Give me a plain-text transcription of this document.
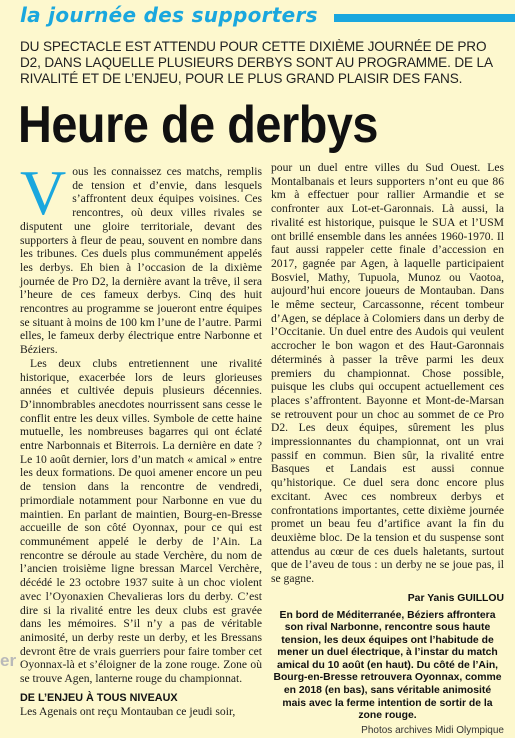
la journée des supporters
DU SPECTACLE EST ATTENDU POUR CETTE DIXIÈME JOURNÉE DE PRO D2, DANS LAQUELLE PLUSIEURS DERBYS SONT AU PROGRAMME. DE LA RIVALITÉ ET DE L’ENJEU, POUR LE PLUS GRAND PLAISIR DES FANS.
Heure de derbys

Vous les connaissez ces matchs, remplis de tension et d’envie, dans lesquels s’affrontent deux équipes voisines. Ces rencontres, où deux villes rivales se disputent une gloire territoriale, devant des supporters à fleur de peau, souvent en nombre dans les tribunes. Ces duels plus communément appelés les derbys. Eh bien à l’occasion de la dixième journée de Pro D2, la dernière avant la trêve, il sera l’heure de ces fameux derbys. Cinq des huit rencontres au programme se joueront entre équipes se situant à moins de 100 km l’une de l’autre. Parmi elles, le fameux derby électrique entre Narbonne et Béziers.

Les deux clubs entretiennent une rivalité historique, exacerbée lors de leurs glorieuses années et cultivée depuis plusieurs décennies. D’innombrables anecdotes nourrissent sans cesse le conflit entre les deux villes. Symbole de cette haine mutuelle, les nombreuses bagarres qui ont éclaté entre Narbonnais et Biterrois. La dernière en date ? Le 10 août dernier, lors d’un match « amical » entre les deux formations. De quoi amener encore un peu de tension dans la rencontre de vendredi, primordiale notamment pour Narbonne en vue du maintien. En parlant de maintien, Bourg-en-Bresse accueille de son côté Oyonnax, pour ce qui est communément appelé le derby de l’Ain. La rencontre se déroule au stade Verchère, du nom de l’ancien troisième ligne bressan Marcel Verchère, décédé le 23 octobre 1937 suite à un choc violent avec l’Oyonaxien Chevalieras lors du derby. C’est dire si la rivalité entre les deux clubs est gravée dans les mémoires. S’il n’y a pas de véritable animosité, un derby reste un derby, et les Bressans devront être de vrais guerriers pour faire tomber cet Oyonnax-là et s’éloigner de la zone rouge. Zone où se trouve Agen, lanterne rouge du championnat.

DE L’ENJEU À TOUS NIVEAUX

Les Agenais ont reçu Montauban ce jeudi soir,

pour un duel entre villes du Sud Ouest. Les Montalbanais et leurs supporters n’ont eu que 86 km à effectuer pour rallier Armandie et se confronter aux Lot-et-Garonnais. Là aussi, la rivalité est historique, puisque le SUA et l’USM ont brillé ensemble dans les années 1960-1970. Il faut aussi rappeler cette finale d’accession en 2017, gagnée par Agen, à laquelle participaient Bosviel, Mathy, Tupuola, Munoz ou Vaotoa, aujourd’hui encore joueurs de Montauban. Dans le même secteur, Carcassonne, récent tombeur d’Agen, se déplace à Colomiers dans un derby de l’Occitanie. Un duel entre des Audois qui veulent accrocher le bon wagon et des Haut-Garonnais déterminés à passer la trêve parmi les deux premiers du championnat. Chose possible, puisque les clubs qui occupent actuellement ces places s’affrontent. Bayonne et Mont-de-Marsan se retrouvent pour un choc au sommet de ce Pro D2. Les deux équipes, sûrement les plus impressionnantes du championnat, ont un vrai passif en commun. Bien sûr, la rivalité entre Basques et Landais est aussi connue qu’historique. Ce duel sera donc encore plus excitant. Avec ces nombreux derbys et confrontations importantes, cette dixième journée promet un beau feu d’artifice avant la fin du deuxième bloc. De la tension et du suspense sont attendus au cœur de ces duels haletants, surtout que de l’aveu de tous : un derby ne se joue pas, il se gagne.

Par Yanis GUILLOU
En bord de Méditerranée, Béziers affrontera son rival Narbonne, rencontre sous haute tension, les deux équipes ont l’habitude de mener un duel électrique, à l’instar du match amical du 10 août (en haut). Du côté de l’Ain, Bourg-en-Bresse retrouvera Oyonnax, comme en 2018 (en bas), sans véritable animosité mais avec la ferme intention de sortir de la zone rouge.
Photos archives Midi Olympique
er
